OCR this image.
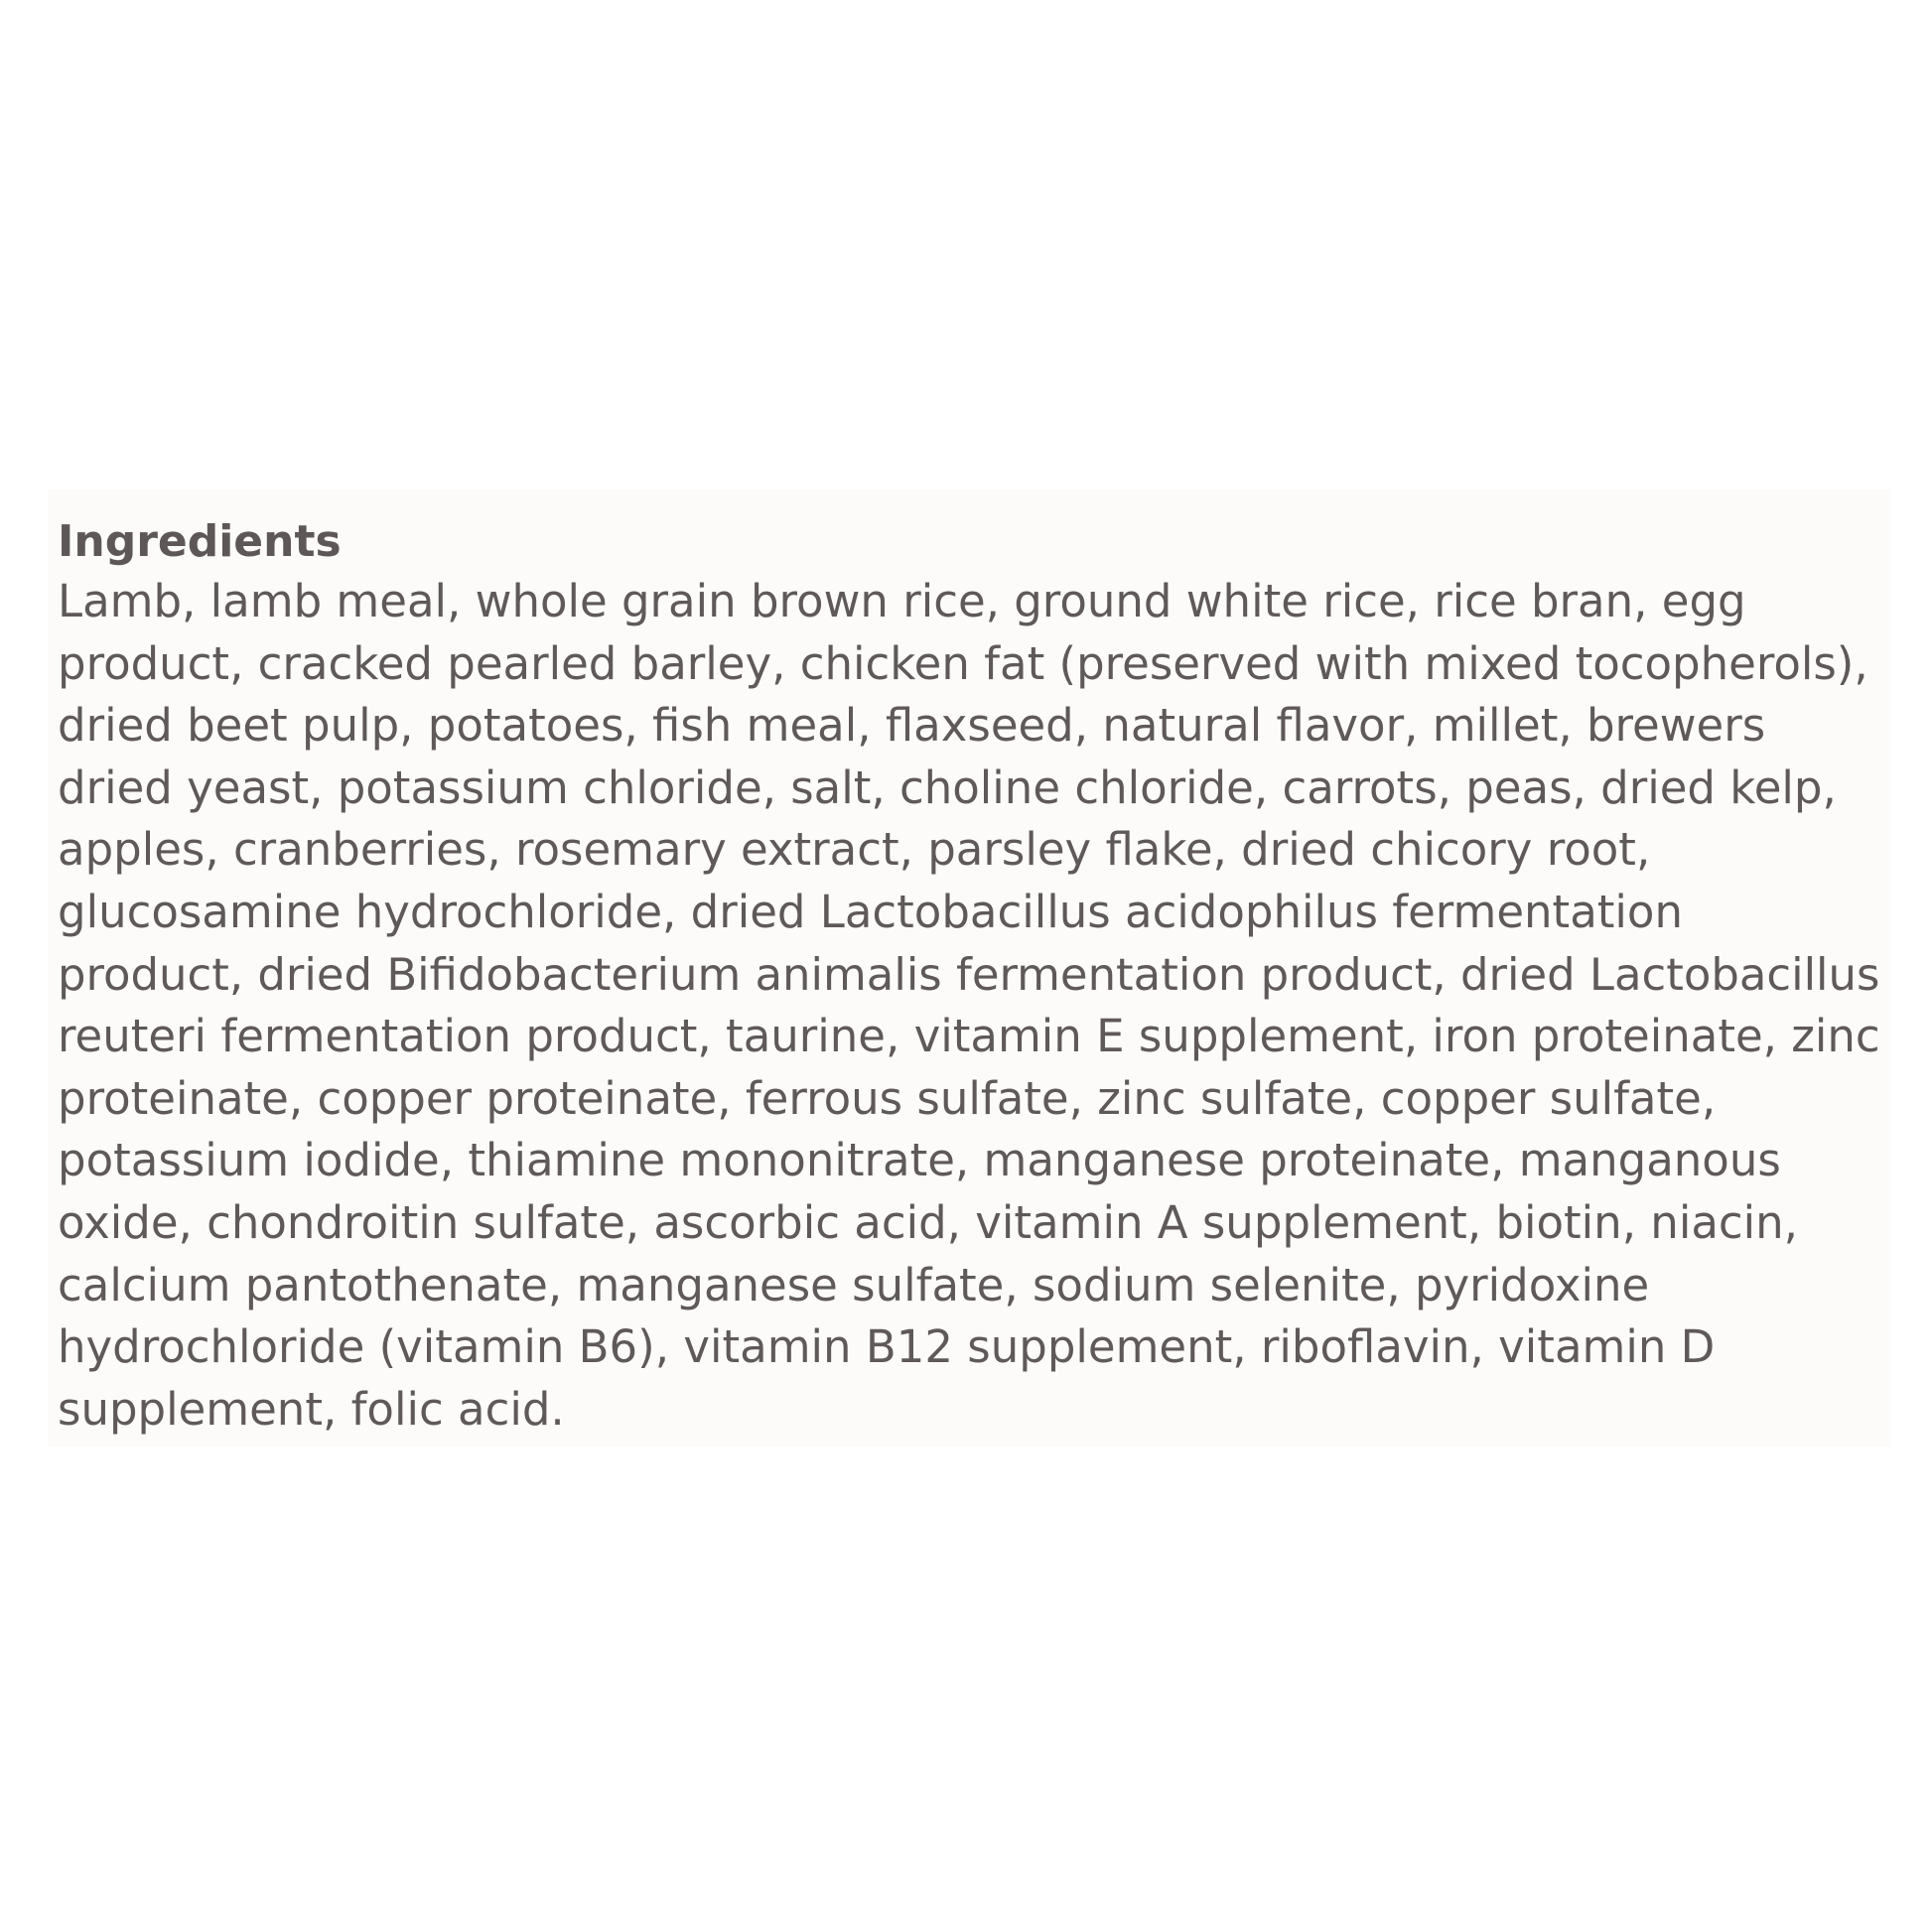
Ingredients
Lamb, lamb meal, whole grain brown rice, ground white rice, rice bran, egg
product, cracked pearled barley, chicken fat (preserved with mixed tocopherols),
dried beet pulp, potatoes, fish meal, flaxseed, natural flavor, millet, brewers
dried yeast, potassium chloride, salt, choline chloride, carrots, peas, dried kelp,
apples, cranberries, rosemary extract, parsley flake, dried chicory root,
glucosamine hydrochloride, dried Lactobacillus acidophilus fermentation
product, dried Bifidobacterium animalis fermentation product, dried Lactobacillus
reuteri fermentation product, taurine, vitamin E supplement, iron proteinate, zinc
proteinate, copper proteinate, ferrous sulfate, zinc sulfate, copper sulfate,
potassium iodide, thiamine mononitrate, manganese proteinate, manganous
oxide, chondroitin sulfate, ascorbic acid, vitamin A supplement, biotin, niacin,
calcium pantothenate, manganese sulfate, sodium selenite, pyridoxine
hydrochloride (vitamin B6), vitamin B12 supplement, riboflavin, vitamin D
supplement, folic acid.
